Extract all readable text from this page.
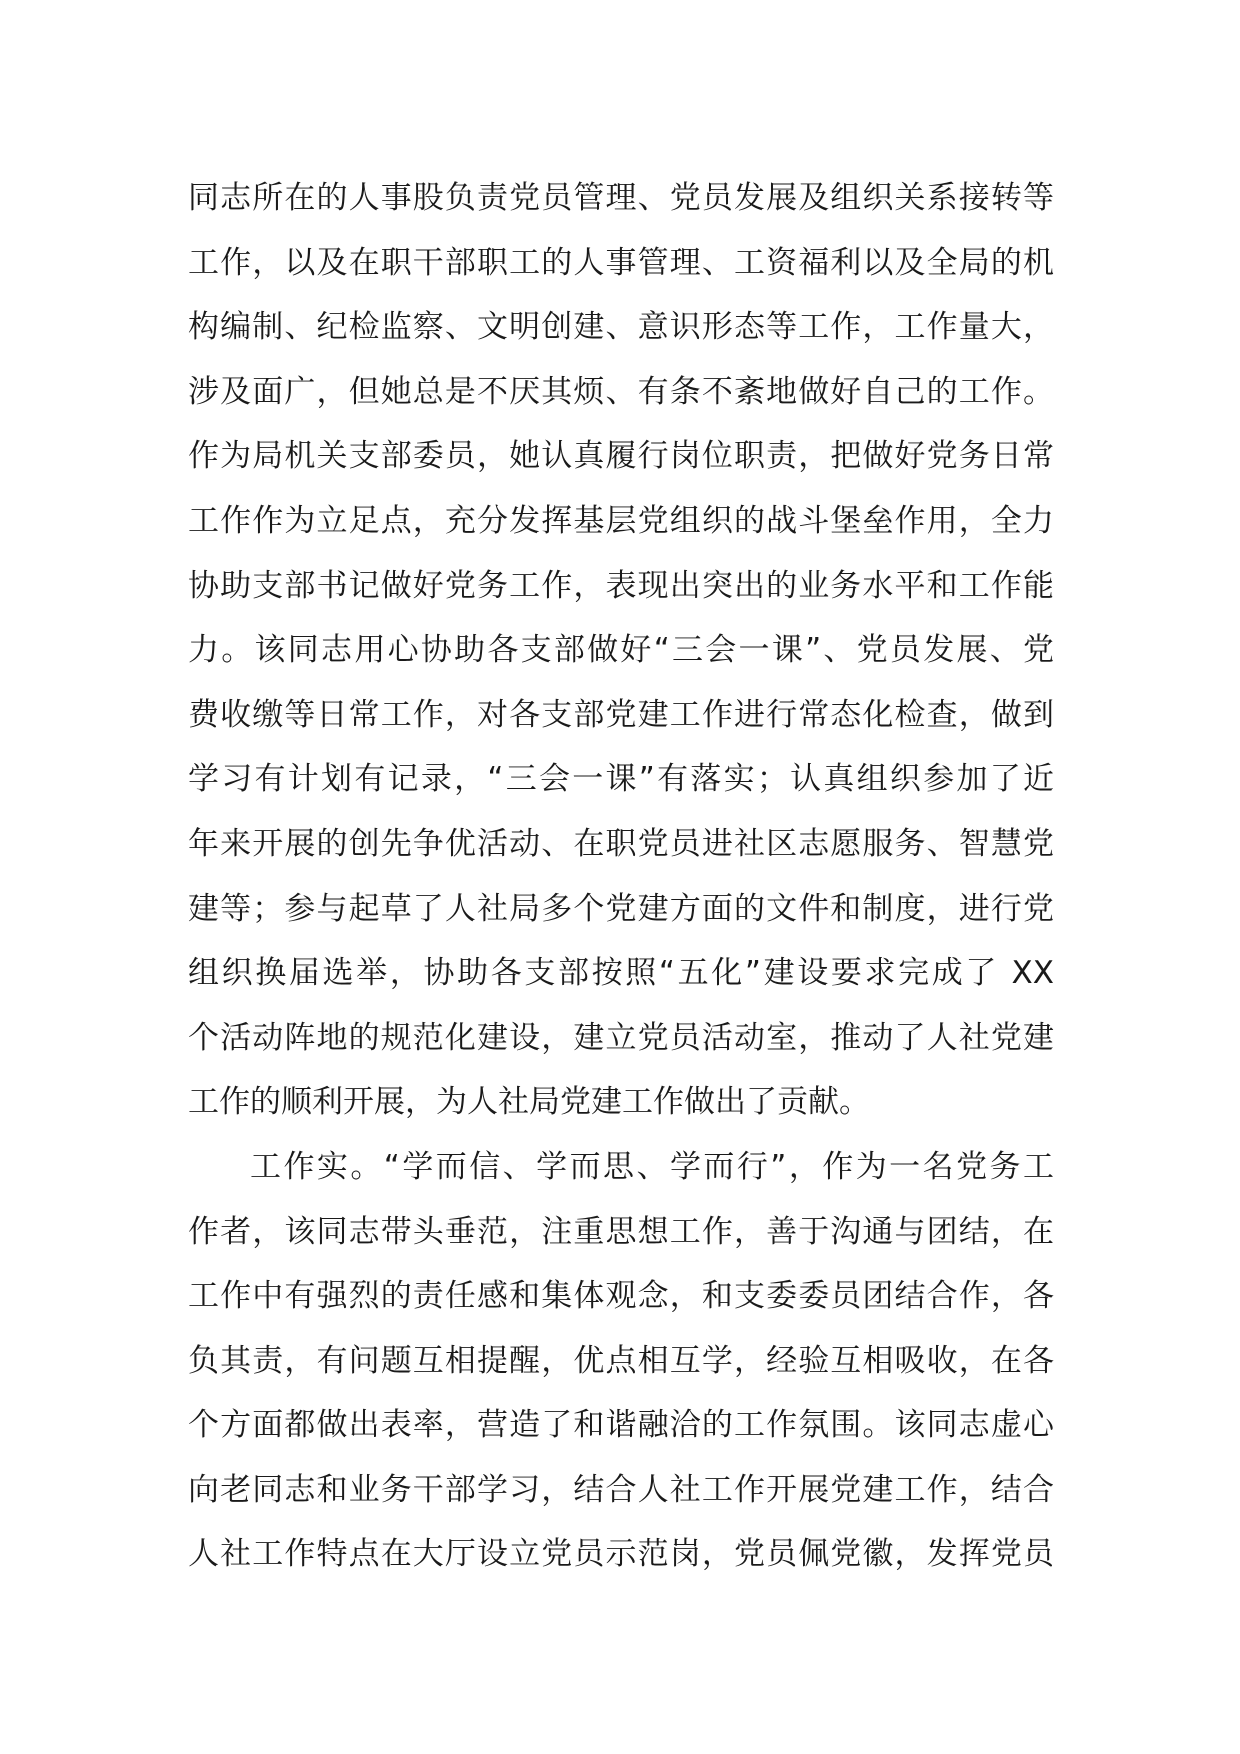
同志所在的人事股负责党员管理、党员发展及组织关系接转等
工作，以及在职干部职工的人事管理、工资福利以及全局的机
构编制、纪检监察、文明创建、意识形态等工作，工作量大，
涉及面广，但她总是不厌其烦、有条不紊地做好自己的工作。
作为局机关支部委员，她认真履行岗位职责，把做好党务日常
工作作为立足点，充分发挥基层党组织的战斗堡垒作用，全力
协助支部书记做好党务工作，表现出突出的业务水平和工作能
力。该同志用心协助各支部做好“三会一课”、党员发展、党
费收缴等日常工作，对各支部党建工作进行常态化检查，做到
学习有计划有记录，“三会一课”有落实；认真组织参加了近
年来开展的创先争优活动、在职党员进社区志愿服务、智慧党
建等；参与起草了人社局多个党建方面的文件和制度，进行党
组织换届选举，协助各支部按照“五化”建设要求完成了 XX
个活动阵地的规范化建设，建立党员活动室，推动了人社党建
工作的顺利开展，为人社局党建工作做出了贡献。
工作实。“学而信、学而思、学而行”，作为一名党务工
作者，该同志带头垂范，注重思想工作，善于沟通与团结，在
工作中有强烈的责任感和集体观念，和支委委员团结合作，各
负其责，有问题互相提醒，优点相互学，经验互相吸收，在各
个方面都做出表率，营造了和谐融洽的工作氛围。该同志虚心
向老同志和业务干部学习，结合人社工作开展党建工作，结合
人社工作特点在大厅设立党员示范岗，党员佩党徽，发挥党员
